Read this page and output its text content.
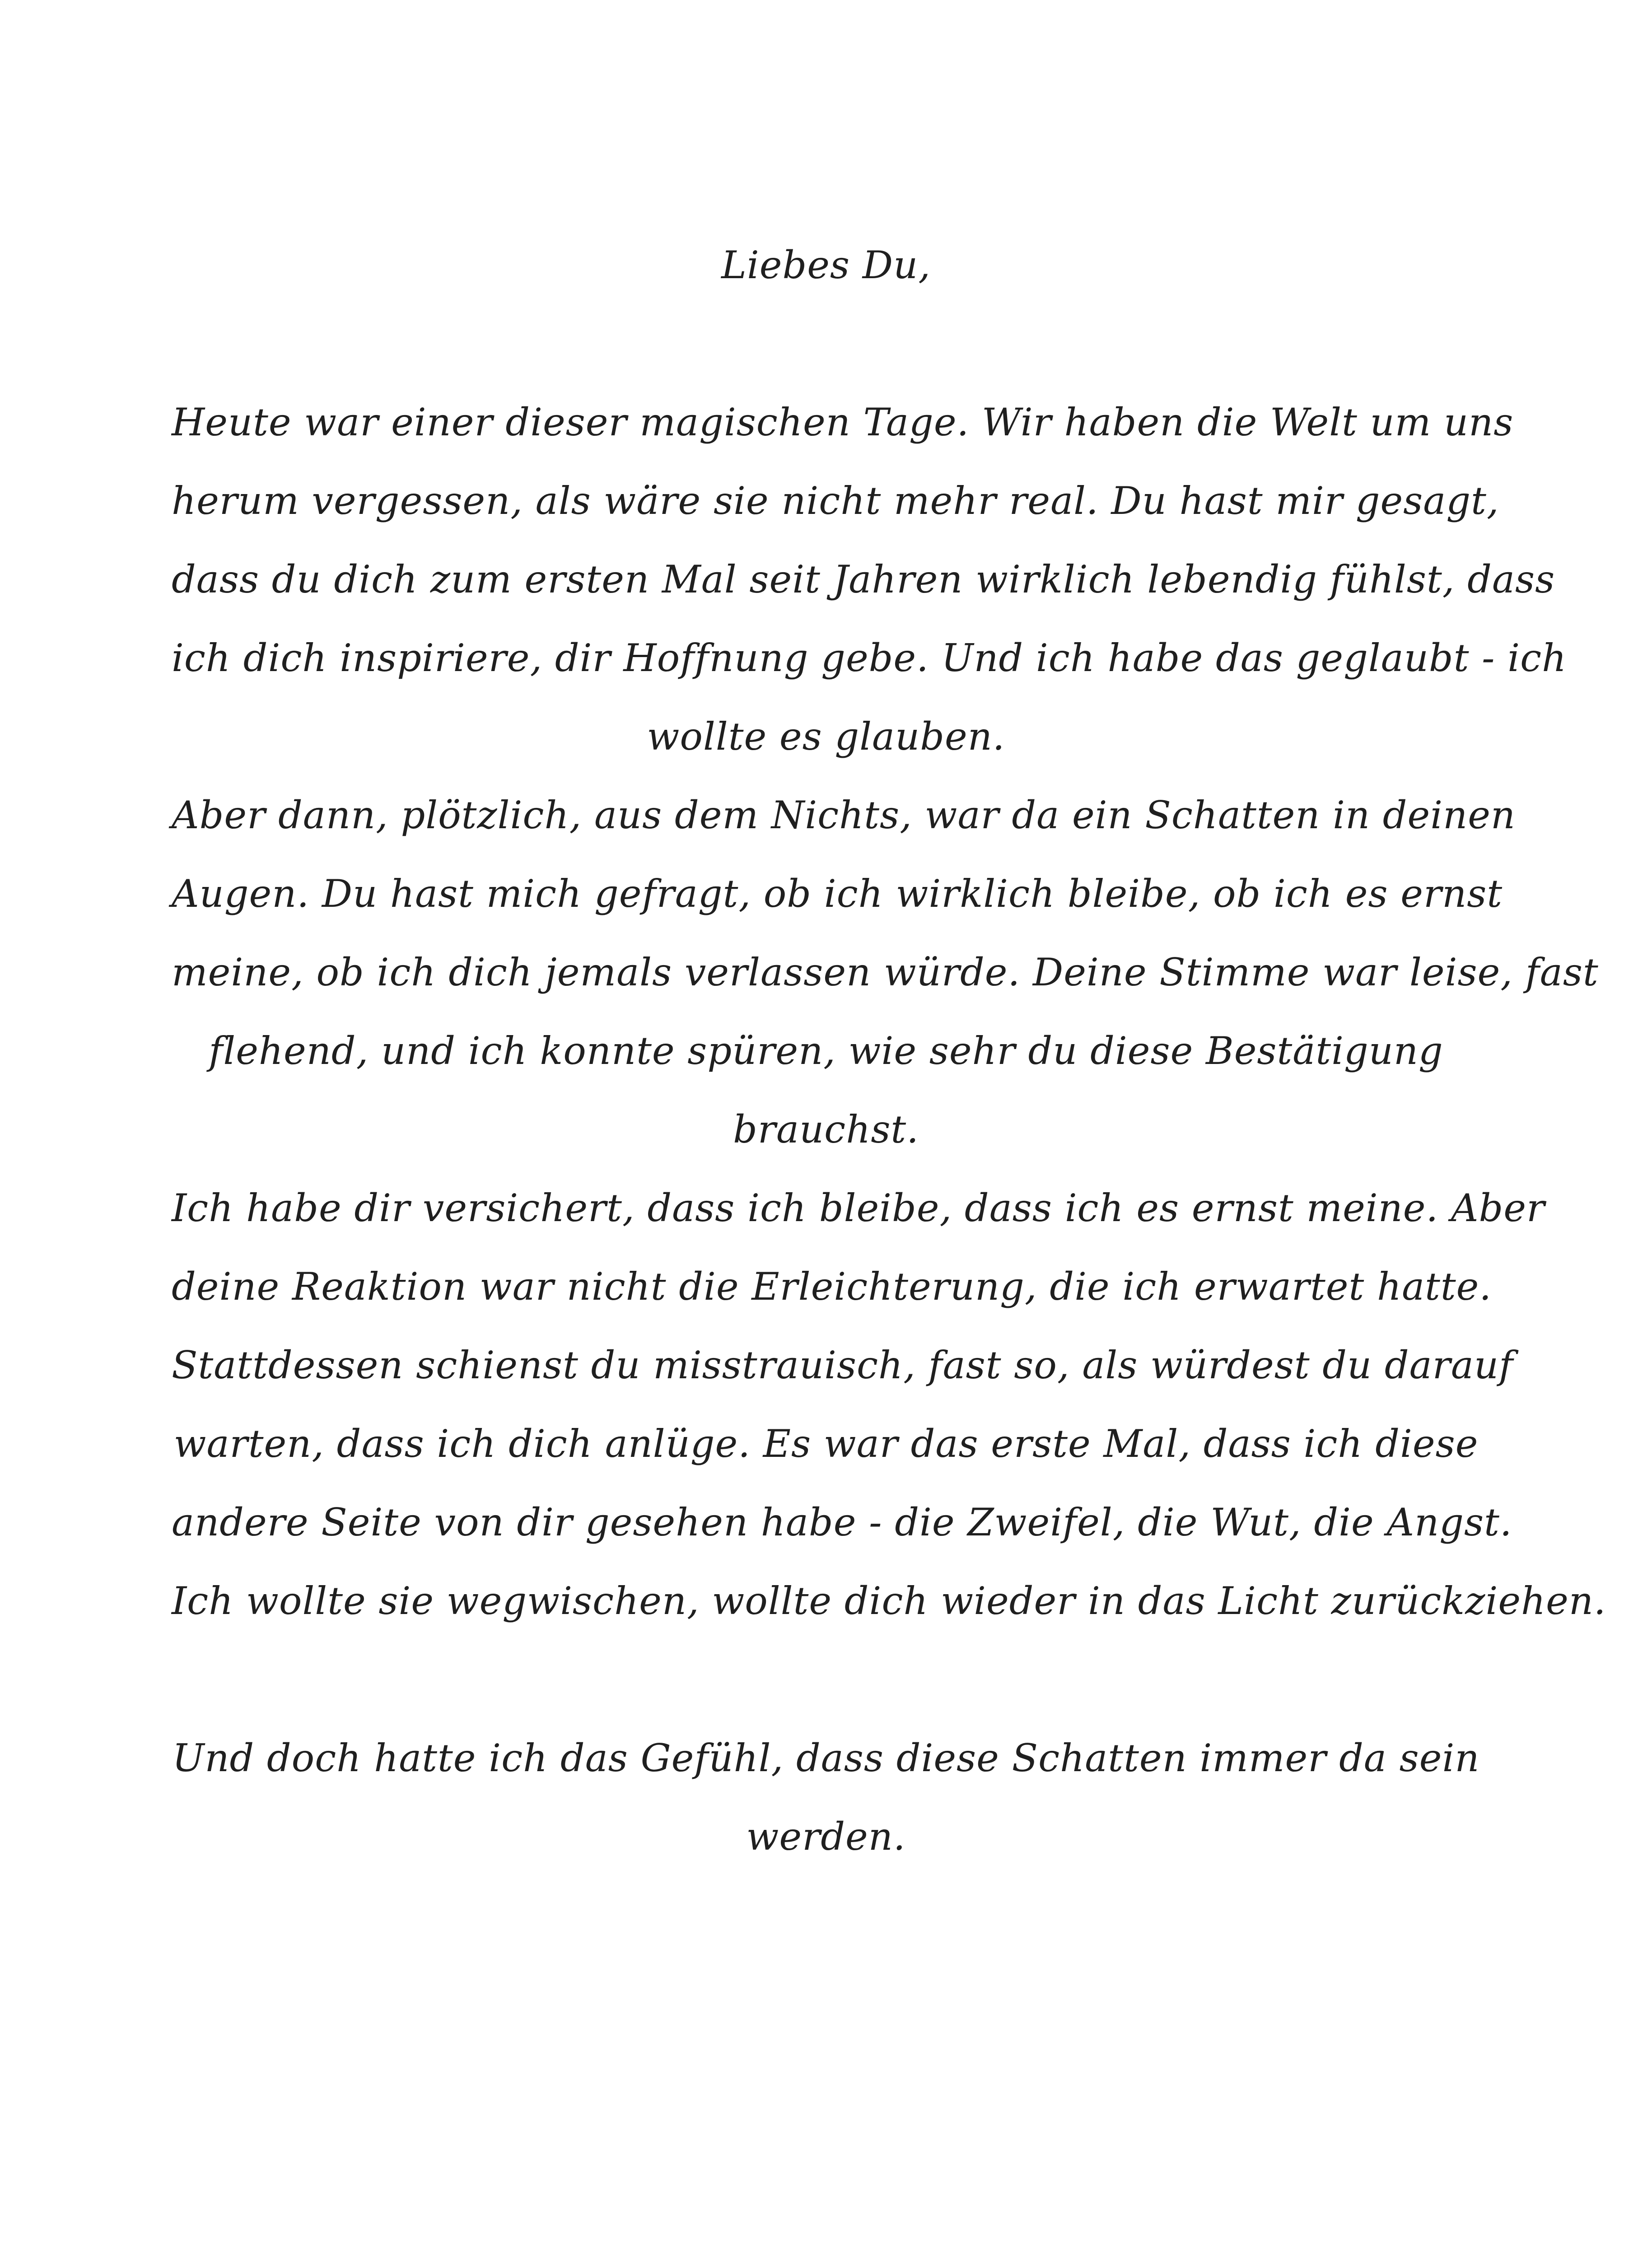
Liebes Du,
Heute war einer dieser magischen Tage. Wir haben die Welt um uns
herum vergessen, als wäre sie nicht mehr real. Du hast mir gesagt,
dass du dich zum ersten Mal seit Jahren wirklich lebendig fühlst, dass
ich dich inspiriere, dir Hoffnung gebe. Und ich habe das geglaubt - ich
wollte es glauben.
Aber dann, plötzlich, aus dem Nichts, war da ein Schatten in deinen
Augen. Du hast mich gefragt, ob ich wirklich bleibe, ob ich es ernst
meine, ob ich dich jemals verlassen würde. Deine Stimme war leise, fast
flehend, und ich konnte spüren, wie sehr du diese Bestätigung
brauchst.
Ich habe dir versichert, dass ich bleibe, dass ich es ernst meine. Aber
deine Reaktion war nicht die Erleichterung, die ich erwartet hatte.
Stattdessen schienst du misstrauisch, fast so, als würdest du darauf
warten, dass ich dich anlüge. Es war das erste Mal, dass ich diese
andere Seite von dir gesehen habe - die Zweifel, die Wut, die Angst.
Ich wollte sie wegwischen, wollte dich wieder in das Licht zurückziehen.
Und doch hatte ich das Gefühl, dass diese Schatten immer da sein
werden.
